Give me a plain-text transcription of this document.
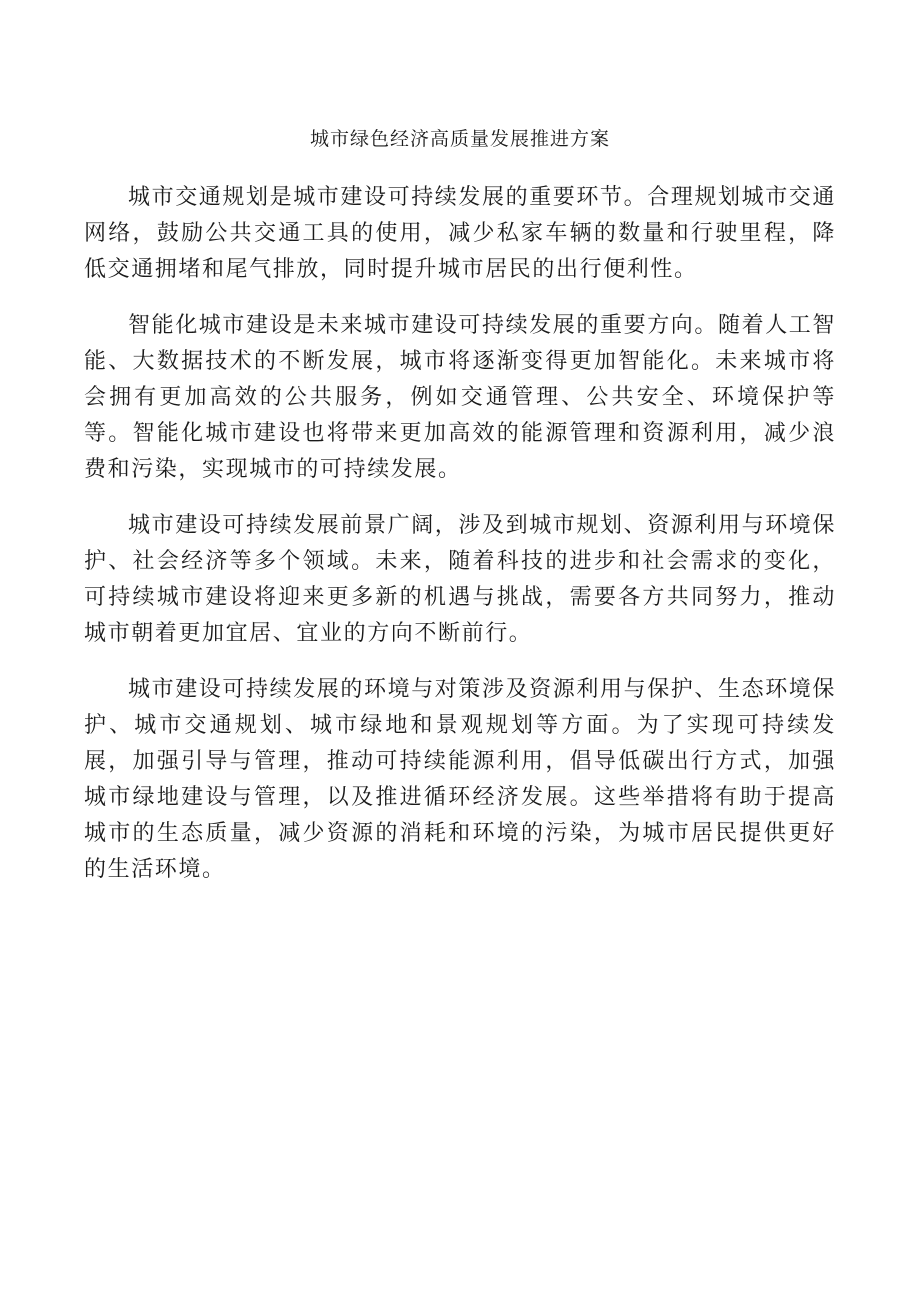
城市绿色经济高质量发展推进方案

城市交通规划是城市建设可持续发展的重要环节。合理规划城市交通网络，鼓励公共交通工具的使用，减少私家车辆的数量和行驶里程，降低交通拥堵和尾气排放，同时提升城市居民的出行便利性。

智能化城市建设是未来城市建设可持续发展的重要方向。随着人工智能、大数据技术的不断发展，城市将逐渐变得更加智能化。未来城市将会拥有更加高效的公共服务，例如交通管理、公共安全、环境保护等等。智能化城市建设也将带来更加高效的能源管理和资源利用，减少浪费和污染，实现城市的可持续发展。

城市建设可持续发展前景广阔，涉及到城市规划、资源利用与环境保护、社会经济等多个领域。未来，随着科技的进步和社会需求的变化，可持续城市建设将迎来更多新的机遇与挑战，需要各方共同努力，推动城市朝着更加宜居、宜业的方向不断前行。

城市建设可持续发展的环境与对策涉及资源利用与保护、生态环境保护、城市交通规划、城市绿地和景观规划等方面。为了实现可持续发展，加强引导与管理，推动可持续能源利用，倡导低碳出行方式，加强城市绿地建设与管理，以及推进循环经济发展。这些举措将有助于提高城市的生态质量，减少资源的消耗和环境的污染，为城市居民提供更好的生活环境。
